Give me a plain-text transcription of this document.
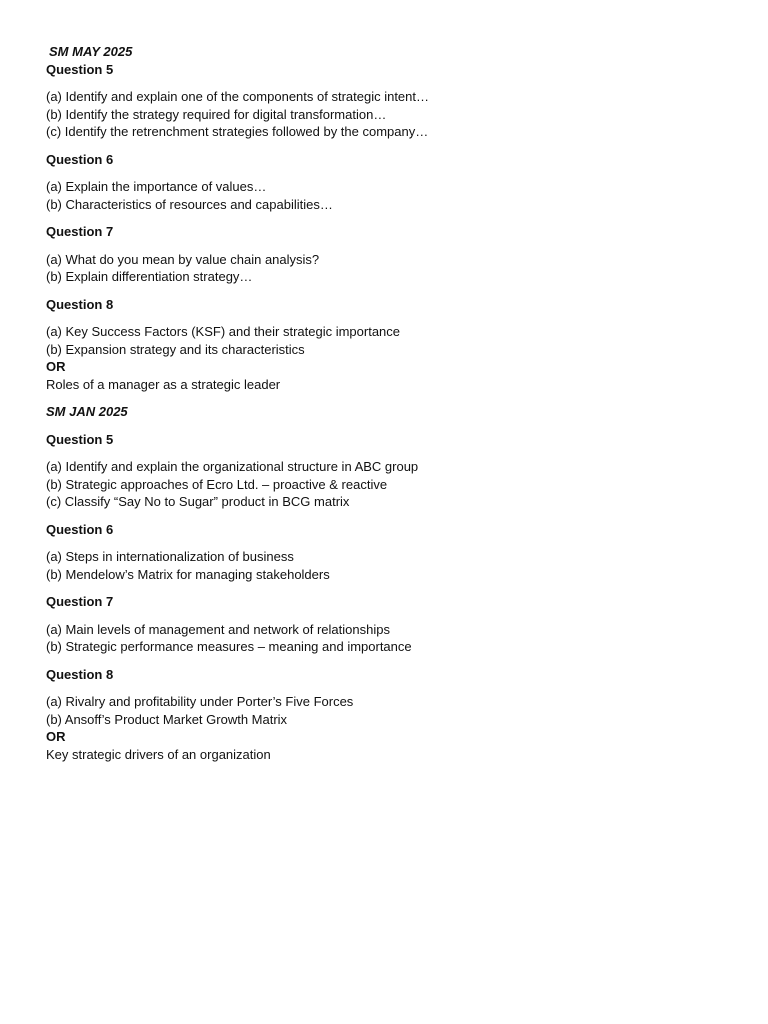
SM MAY 2025
Question 5
(a) Identify and explain one of the components of strategic intent…
(b) Identify the strategy required for digital transformation…
(c) Identify the retrenchment strategies followed by the company…
Question 6
(a) Explain the importance of values…
(b) Characteristics of resources and capabilities…
Question 7
(a) What do you mean by value chain analysis?
(b) Explain differentiation strategy…
Question 8
(a) Key Success Factors (KSF) and their strategic importance
(b) Expansion strategy and its characteristics
OR
Roles of a manager as a strategic leader
SM JAN 2025
Question 5
(a) Identify and explain the organizational structure in ABC group
(b) Strategic approaches of Ecro Ltd. – proactive & reactive
(c) Classify “Say No to Sugar” product in BCG matrix
Question 6
(a) Steps in internationalization of business
(b) Mendelow’s Matrix for managing stakeholders
Question 7
(a) Main levels of management and network of relationships
(b) Strategic performance measures – meaning and importance
Question 8
(a) Rivalry and profitability under Porter’s Five Forces
(b) Ansoff’s Product Market Growth Matrix
OR
Key strategic drivers of an organization
